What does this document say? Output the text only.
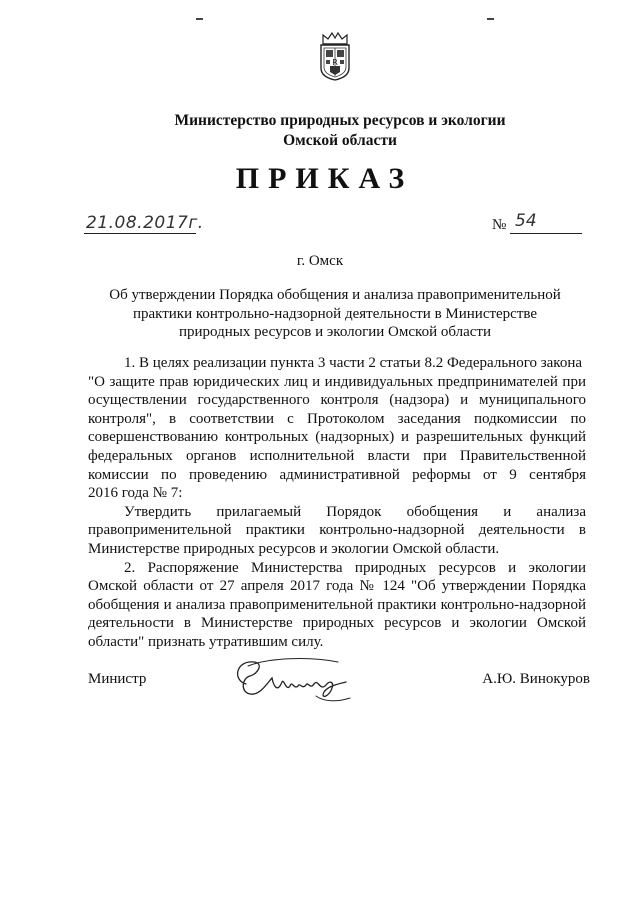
R
Министерство природных ресурсов и экологии
Омской области
ПРИКАЗ
21.08.2017г.	№ 54
г. Омск
Об утверждении Порядка обобщения и анализа правоприменительной
практики контрольно-надзорной деятельности в Министерстве
природных ресурсов и экологии Омской области
1. В целях реализации пункта 3 части 2 статьи 8.2 Федерального закона
"О защите прав юридических лиц и индивидуальных предпринимателей при
осуществлении государственного контроля (надзора) и муниципального
контроля", в соответствии с Протоколом заседания подкомиссии по
совершенствованию контрольных (надзорных) и разрешительных функций
федеральных органов исполнительной власти при Правительственной
комиссии по проведению административной реформы от 9 сентября
2016 года № 7:
Утвердить прилагаемый Порядок обобщения и анализа
правоприменительной практики контрольно-надзорной деятельности в
Министерстве природных ресурсов и экологии Омской области.
2. Распоряжение Министерства природных ресурсов и экологии
Омской области от 27 апреля 2017 года № 124 "Об утверждении Порядка
обобщения и анализа правоприменительной практики контрольно-надзорной
деятельности в Министерстве природных ресурсов и экологии Омской
области" признать утратившим силу.
Министр	А.Ю. Винокуров
